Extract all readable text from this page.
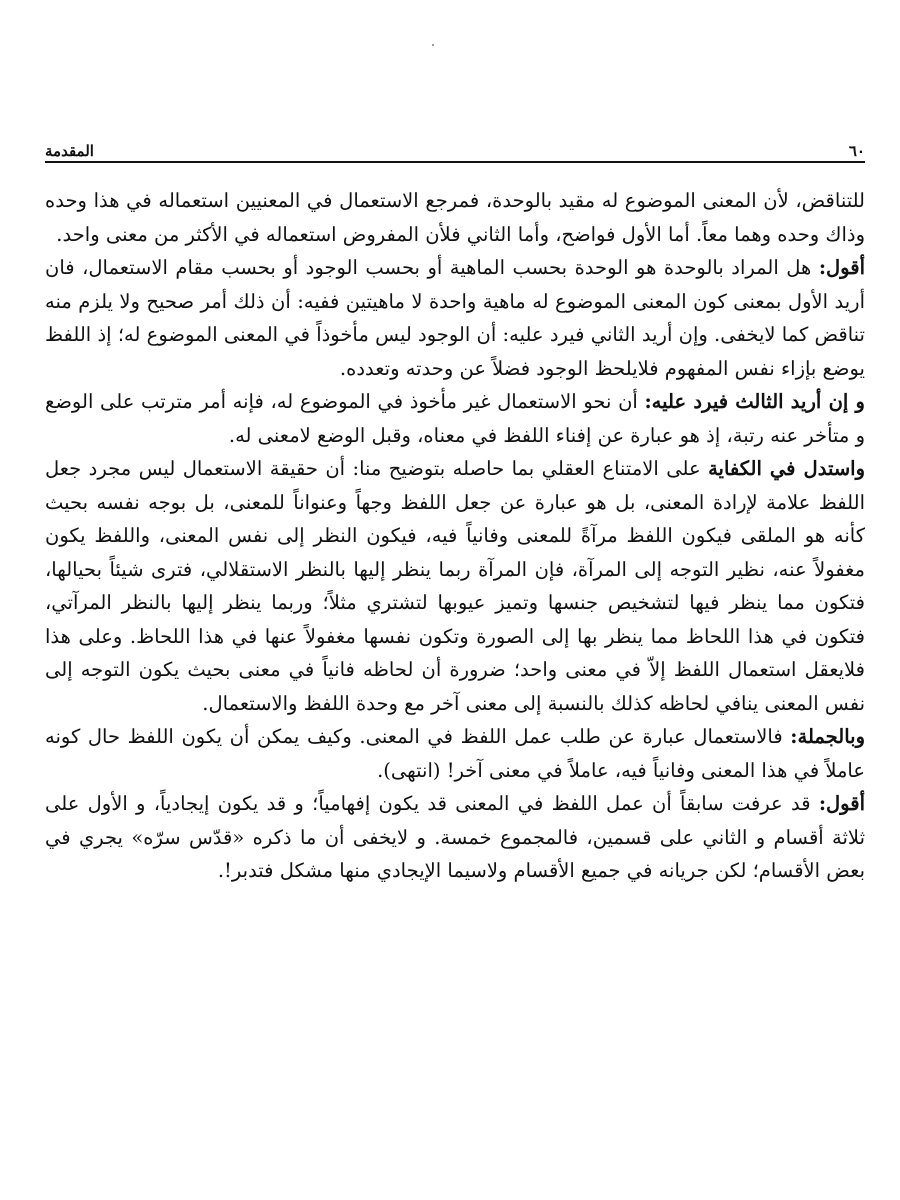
٦٠
المقدمة

للتناقض، لأن المعنى الموضوع له مقيد بالوحدة، فمرجع الاستعمال في المعنيين استعماله في هذا وحده وذاك وحده وهما معاً. أما الأول فواضح، وأما الثاني فلأن المفروض استعماله في الأكثر من معنى واحد.

أقول: هل المراد بالوحدة هو الوحدة بحسب الماهية أو بحسب الوجود أو بحسب مقام الاستعمال، فان أريد الأول بمعنى كون المعنى الموضوع له ماهية واحدة لا ماهيتين ففيه: أن ذلك أمر صحيح ولا يلزم منه تناقض كما لايخفى. وإن أريد الثاني فيرد عليه: أن الوجود ليس مأخوذاً في المعنى الموضوع له؛ إذ اللفظ يوضع بإزاء نفس المفهوم فلايلحظ الوجود فضلاً عن وحدته وتعدده.

و إن أريد الثالث فيرد عليه: أن نحو الاستعمال غير مأخوذ في الموضوع له، فإنه أمر مترتب على الوضع و متأخر عنه رتبة، إذ هو عبارة عن إفناء اللفظ في معناه، وقبل الوضع لامعنى له.

واستدل في الكفاية على الامتناع العقلي بما حاصله بتوضيح منا: أن حقيقة الاستعمال ليس مجرد جعل اللفظ علامة لإرادة المعنى، بل هو عبارة عن جعل اللفظ وجهاً وعنواناً للمعنى، بل بوجه نفسه بحيث كأنه هو الملقى فيكون اللفظ مرآةً للمعنى وفانياً فيه، فيكون النظر إلى نفس المعنى، واللفظ يكون مغفولاً عنه، نظير التوجه إلى المرآة، فإن المرآة ربما ينظر إليها بالنظر الاستقلالي، فترى شيئاً بحيالها، فتكون مما ينظر فيها لتشخيص جنسها وتميز عيوبها لتشتري مثلاً؛ وربما ينظر إليها بالنظر المرآتي، فتكون في هذا اللحاظ مما ينظر بها إلى الصورة وتكون نفسها مغفولاً عنها في هذا اللحاظ. وعلى هذا فلايعقل استعمال اللفظ إلاّ في معنى واحد؛ ضرورة أن لحاظه فانياً في معنى بحيث يكون التوجه إلى نفس المعنى ينافي لحاظه كذلك بالنسبة إلى معنى آخر مع وحدة اللفظ والاستعمال.

وبالجملة: فالاستعمال عبارة عن طلب عمل اللفظ في المعنى. وكيف يمكن أن يكون اللفظ حال كونه عاملاً في هذا المعنى وفانياً فيه، عاملاً في معنى آخر! (انتهى).

أقول: قد عرفت سابقاً أن عمل اللفظ في المعنى قد يكون إفهامياً؛ و قد يكون إيجادياً، و الأول على ثلاثة أقسام و الثاني على قسمين، فالمجموع خمسة. و لايخفى أن ما ذكره «قدّس سرّه» يجري في بعض الأقسام؛ لكن جريانه في جميع الأقسام ولاسيما الإيجادي منها مشكل فتدبر!.
